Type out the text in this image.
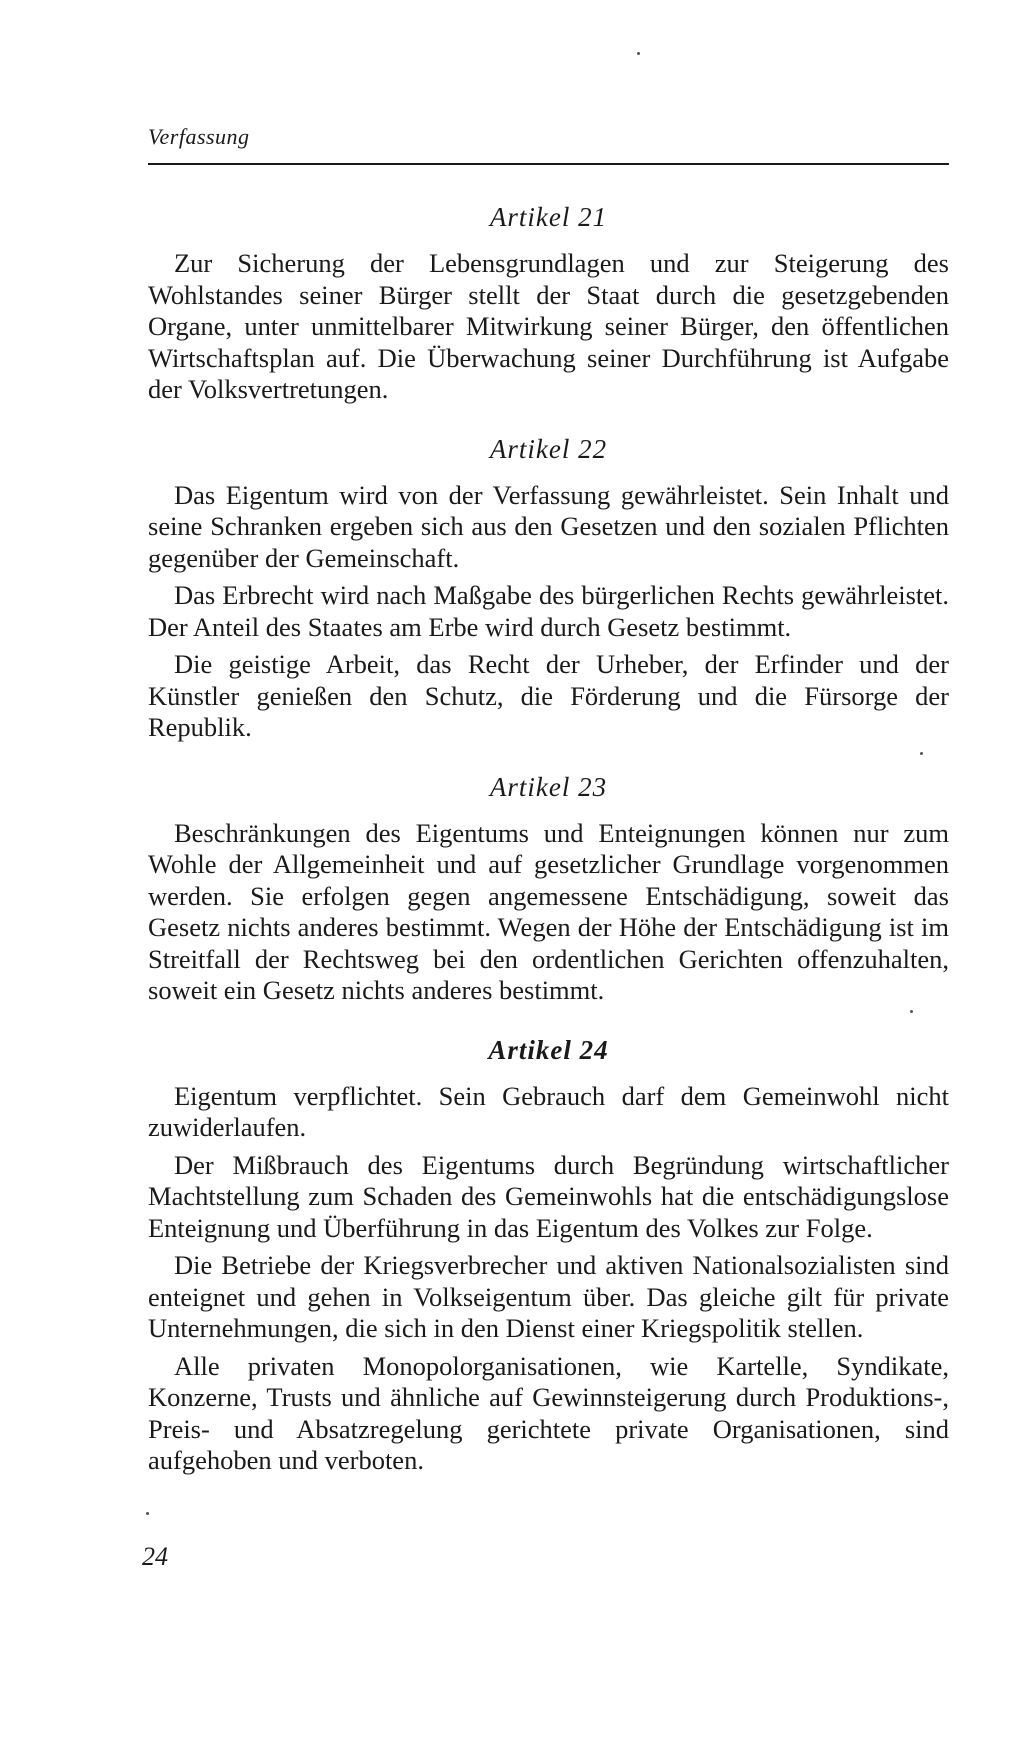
Verfassung
Artikel 21

Zur Sicherung der Lebensgrundlagen und zur Steigerung des Wohlstandes seiner Bürger stellt der Staat durch die gesetzgebenden Organe, unter unmittelbarer Mitwirkung seiner Bürger, den öffentlichen Wirtschaftsplan auf. Die Überwachung seiner Durchführung ist Aufgabe der Volksvertretungen.

Artikel 22

Das Eigentum wird von der Verfassung gewährleistet. Sein Inhalt und seine Schranken ergeben sich aus den Gesetzen und den sozialen Pflichten gegenüber der Gemeinschaft.

Das Erbrecht wird nach Maßgabe des bürgerlichen Rechts gewährleistet. Der Anteil des Staates am Erbe wird durch Gesetz bestimmt.

Die geistige Arbeit, das Recht der Urheber, der Erfinder und der Künstler genießen den Schutz, die Förderung und die Fürsorge der Republik.

Artikel 23

Beschränkungen des Eigentums und Enteignungen können nur zum Wohle der Allgemeinheit und auf gesetzlicher Grundlage vorgenommen werden. Sie erfolgen gegen angemessene Entschädigung, soweit das Gesetz nichts anderes bestimmt. Wegen der Höhe der Entschädigung ist im Streitfall der Rechtsweg bei den ordentlichen Gerichten offenzuhalten, soweit ein Gesetz nichts anderes bestimmt.

Artikel 24

Eigentum verpflichtet. Sein Gebrauch darf dem Gemeinwohl nicht zuwiderlaufen.

Der Mißbrauch des Eigentums durch Begründung wirtschaftlicher Machtstellung zum Schaden des Gemeinwohls hat die entschädigungslose Enteignung und Überführung in das Eigentum des Volkes zur Folge.

Die Betriebe der Kriegsverbrecher und aktiven Nationalsozialisten sind enteignet und gehen in Volkseigentum über. Das gleiche gilt für private Unternehmungen, die sich in den Dienst einer Kriegspolitik stellen.

Alle privaten Monopolorganisationen, wie Kartelle, Syndikate, Konzerne, Trusts und ähnliche auf Gewinnsteigerung durch Produktions-, Preis- und Absatzregelung gerichtete private Organisationen, sind aufgehoben und verboten.

24
